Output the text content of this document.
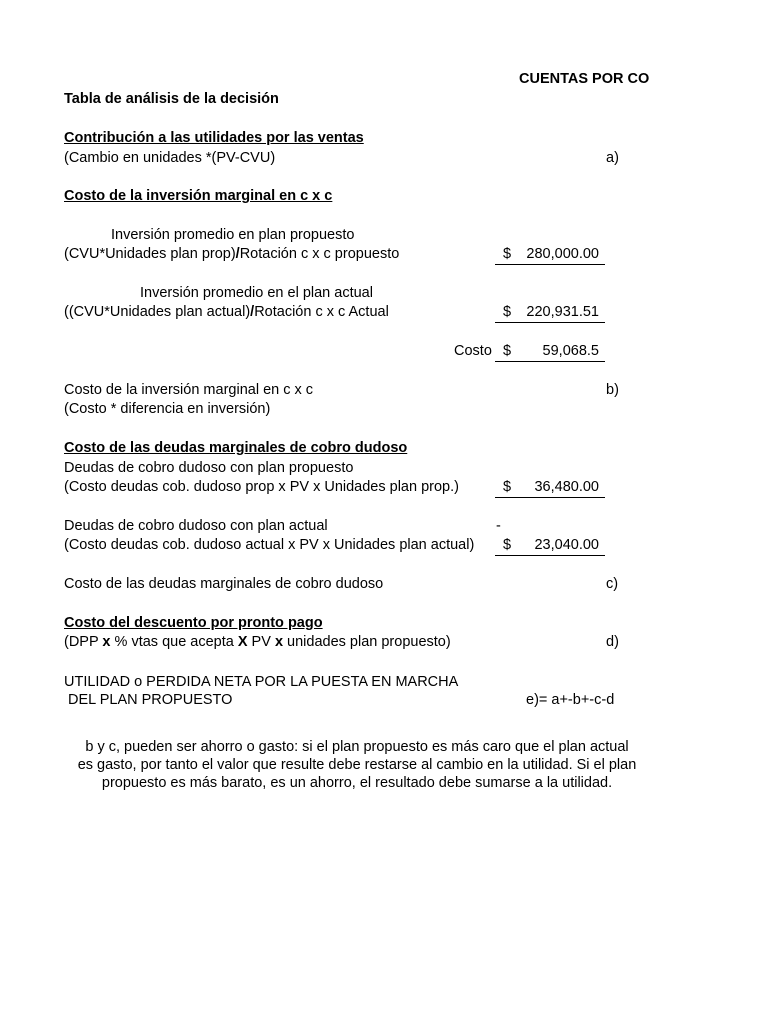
CUENTAS POR CO
Tabla de análisis de la decisión
Contribución a las utilidades por las ventas
(Cambio en unidades *(PV-CVU)	a)
Costo de la inversión marginal en c x c
Inversión promedio en plan propuesto
(CVU*Unidades plan prop)/Rotación c x c propuesto	$ 280,000.00
Inversión promedio en el plan actual
((CVU*Unidades plan actual)/Rotación c x c Actual	$ 220,931.51
Costo $ 59,068.5
Costo de la inversión marginal en c x c	b)
(Costo * diferencia en inversión)
Costo de las deudas marginales de cobro dudoso
Deudas de cobro dudoso con plan propuesto
(Costo deudas cob. dudoso prop x PV x Unidades plan prop.)	$ 36,480.00
Deudas de cobro dudoso con plan actual	-
(Costo deudas cob. dudoso actual x PV x Unidades plan actual) $ 23,040.00
Costo de las deudas marginales de cobro dudoso	c)
Costo del descuento por pronto pago
(DPP x % vtas que acepta X PV x unidades plan propuesto)	d)
UTILIDAD o PERDIDA NETA POR LA PUESTA EN MARCHA
DEL PLAN PROPUESTO	e)= a+-b+-c-d
b y c, pueden ser ahorro o gasto: si el plan propuesto es más caro que el plan actual
es gasto, por tanto el valor que resulte debe restarse al cambio en la utilidad. Si el plan
propuesto es más barato, es un ahorro, el resultado debe sumarse a la utilidad.
